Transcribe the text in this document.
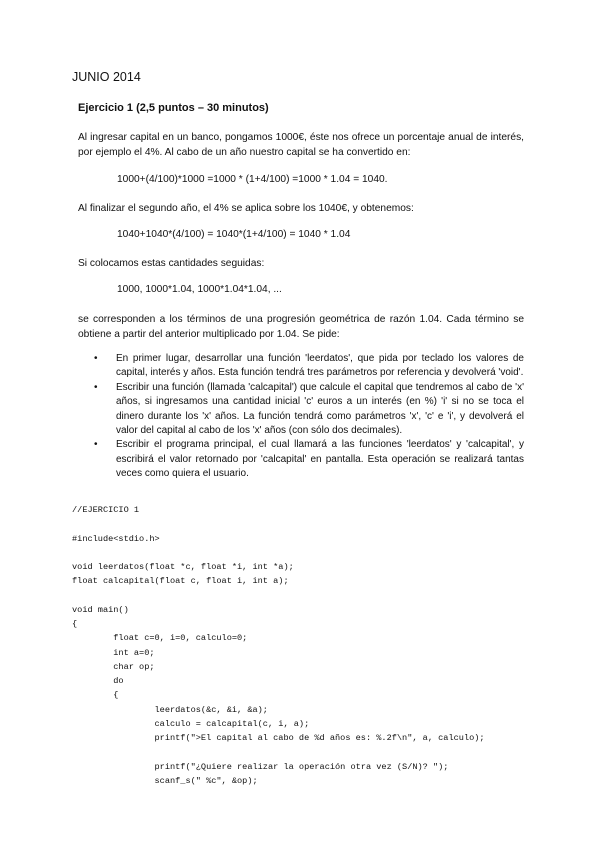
JUNIO 2014
Ejercicio 1 (2,5 puntos – 30 minutos)
Al ingresar capital en un banco, pongamos 1000€, éste nos ofrece un porcentaje anual de interés, por ejemplo el 4%. Al cabo de un año nuestro capital se ha convertido en:
1000+(4/100)*1000 =1000 * (1+4/100) =1000 * 1.04 = 1040.
Al finalizar el segundo año, el 4% se aplica sobre los 1040€, y obtenemos:
1040+1040*(4/100) = 1040*(1+4/100) = 1040 * 1.04
Si colocamos estas cantidades seguidas:
1000, 1000*1.04, 1000*1.04*1.04, ...
se corresponden a los términos de una progresión geométrica de razón 1.04. Cada término se obtiene a partir del anterior multiplicado por 1.04. Se pide:
• En primer lugar, desarrollar una función 'leerdatos', que pida por teclado los valores de capital, interés y años. Esta función tendrá tres parámetros por referencia y devolverá 'void'.
• Escribir una función (llamada 'calcapital') que calcule el capital que tendremos al cabo de 'x' años, si ingresamos una cantidad inicial 'c' euros a un interés (en %) 'i' si no se toca el dinero durante los 'x' años. La función tendrá como parámetros 'x', 'c' e 'i', y devolverá el valor del capital al cabo de los 'x' años (con sólo dos decimales).
• Escribir el programa principal, el cual llamará a las funciones 'leerdatos' y 'calcapital', y escribirá el valor retornado por 'calcapital' en pantalla. Esta operación se realizará tantas veces como quiera el usuario.
//EJERCICIO 1
#include<stdio.h>
void leerdatos(float *c, float *i, int *a);
float calcapital(float c, float i, int a);
void main()
{
float c=0, i=0, calculo=0;
int a=0;
char op;
do
{
leerdatos(&c, &i, &a);
calculo = calcapital(c, i, a);
printf(">El capital al cabo de %d años es: %.2f\n", a, calculo);
printf("¿Quiere realizar la operación otra vez (S/N)? ");
scanf_s(" %c", &op);
